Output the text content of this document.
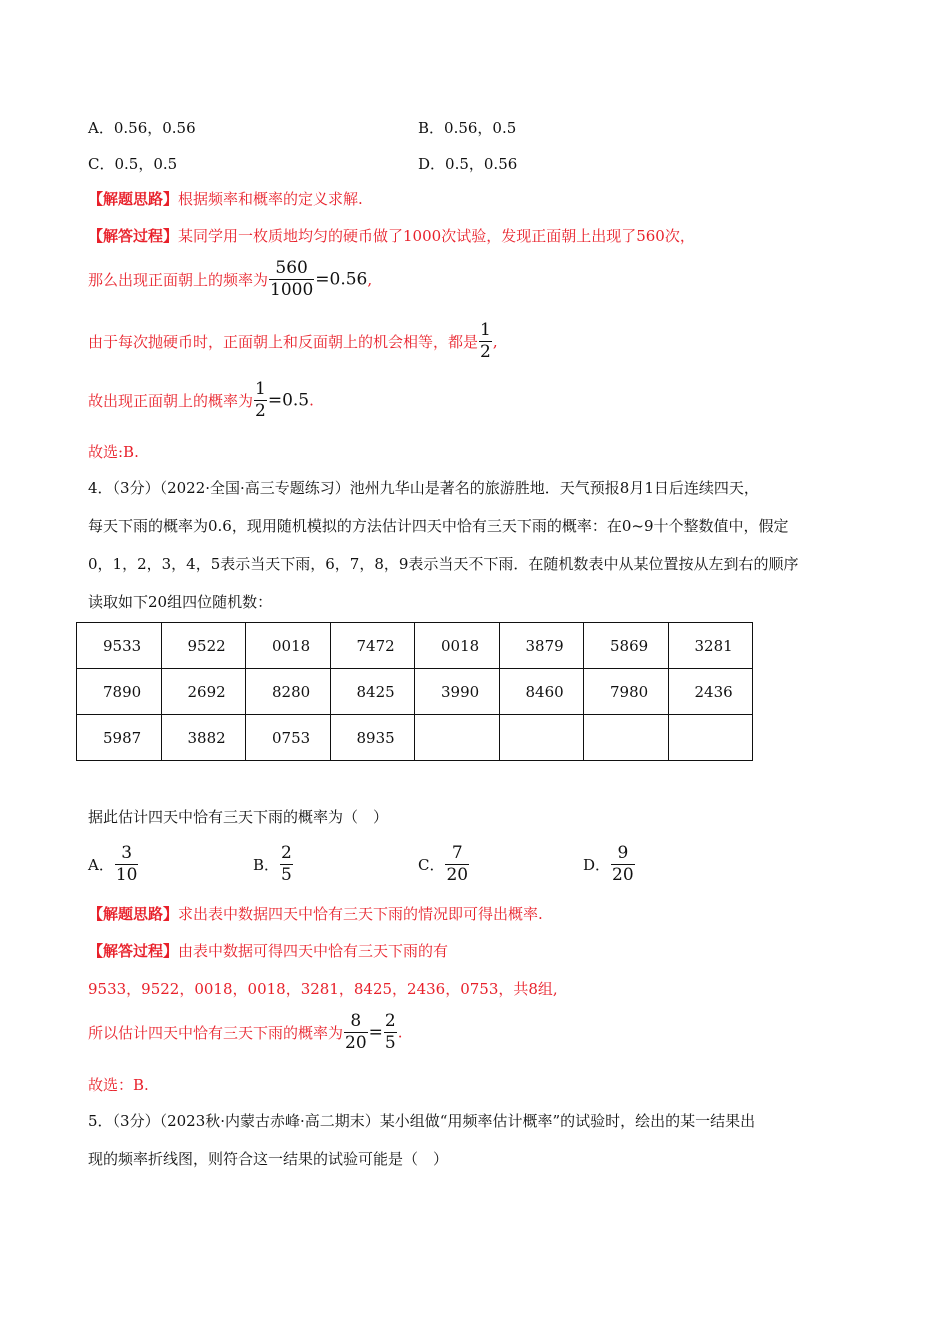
A．0.56，0.56	B．0.56，0.5
C．0.5，0.5	D．0.5，0.56
【解题思路】根据频率和概率的定义求解.
【解答过程】某同学用一枚质地均匀的硬币做了1000次试验，发现正面朝上出现了560次，
那么出现正面朝上的频率为 $\frac{560}{1000} =0.56$,
由于每次抛硬币时，正面朝上和反面朝上的机会相等，都是 $\frac{1}{2}$ ,
故出现正面朝上的概率为 $\frac{1}{2} =0.5$.
故选:B.
4．（3分）（2022·全国·高三专题练习）池州九华山是著名的旅游胜地．天气预报8月1日后连续四天，
每天下雨的概率为0.6，现用随机模拟的方法估计四天中恰有三天下雨的概率：在0~9十个整数值中，假定
0，1，2，3，4，5表示当天下雨，6，7，8，9表示当天不下雨．在随机数表中从某位置按从左到右的顺序
读取如下20组四位随机数：
9533	9522	0018	7472	0018	3879	5869	3281
7890	2692	8280	8425	3990	8460	7980	2436
5987	3882	0753	8935				
据此估计四天中恰有三天下雨的概率为（　）
A． $\frac{3}{10}$	B． $\frac{2}{5}$	C． $\frac{7}{20}$	D． $\frac{9}{20}$
【解题思路】求出表中数据四天中恰有三天下雨的情况即可得出概率.
【解答过程】由表中数据可得四天中恰有三天下雨的有
9533，9522，0018，0018，3281，8425，2436，0753，共8组,
所以估计四天中恰有三天下雨的概率为 $\frac{8}{20} = \frac{2}{5}$ .
故选：B.
5．（3分）（2023秋·内蒙古赤峰·高二期末）某小组做“用频率估计概率”的试验时，绘出的某一结果出
现的频率折线图，则符合这一结果的试验可能是（　）
